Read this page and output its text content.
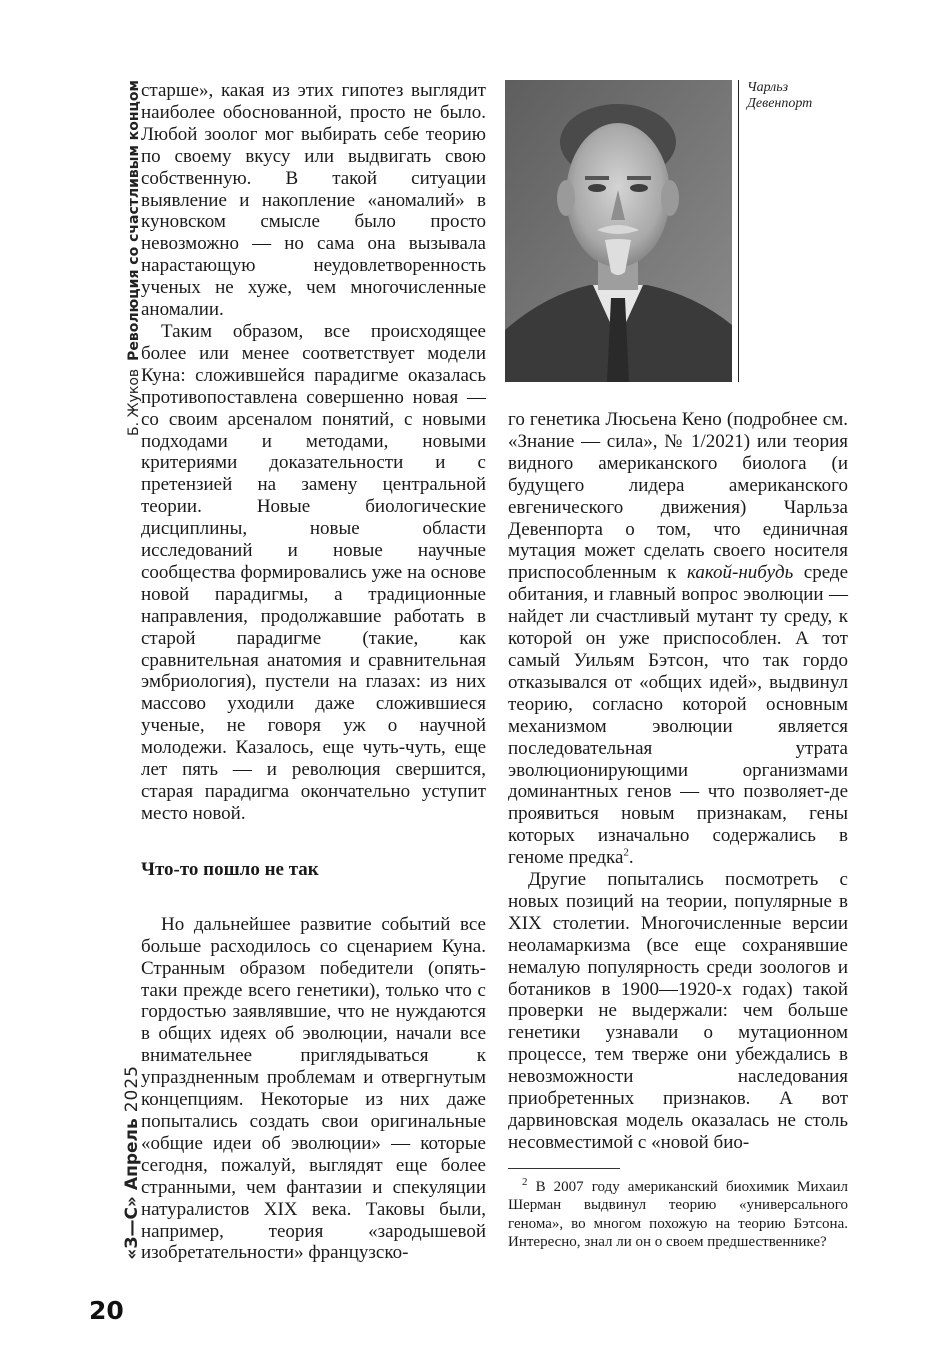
Б. ЖуковРеволюция со счастливым концом
«З—С»Апрель2025
20

старше», какая из этих гипотез выглядит наиболее обоснованной, просто не было. Любой зоолог мог выбирать себе теорию по своему вкусу или выдвигать свою собственную. В такой ситуации выявление и накопление «аномалий» в куновском смысле было просто невозможно — но сама она вызывала нарастающую неудовлетворенность ученых не хуже, чем многочисленные аномалии.

Таким образом, все происходящее более или менее соответствует модели Куна: сложившейся парадигме оказалась противопоставлена совершенно новая — со своим арсеналом понятий, с новыми подходами и методами, новыми критериями доказательности и с претензией на замену центральной теории. Новые биологические дисциплины, новые области исследований и новые научные сообщества формировались уже на основе новой парадигмы, а традиционные направления, продолжавшие работать в старой парадигме (такие, как сравнительная анатомия и сравнительная эмбриология), пустели на глазах: из них массово уходили даже сложившиеся ученые, не говоря уж о научной молодежи. Казалось, еще чуть-чуть, еще лет пять — и революция свершится, старая парадигма окончательно уступит место новой.

Что-то пошло не так

Но дальнейшее развитие событий все больше расходилось со сценарием Куна. Странным образом победители (опять-таки прежде всего генетики), только что с гордостью заявлявшие, что не нуждаются в общих идеях об эволюции, начали все внимательнее приглядываться к упраздненным проблемам и отвергнутым концепциям. Некоторые из них даже попытались создать свои оригинальные «общие идеи об эволюции» — которые сегодня, пожалуй, выглядят еще более странными, чем фантазии и спекуляции натуралистов XIX века. Таковы были, например, теория «зародышевой изобретательности» французско-

Чарльз
Девенпорт

го генетика Люсьена Кено (подробнее см. «Знание — сила», № 1/2021) или теория видного американского биолога (и будущего лидера американского евгенического движения) Чарльза Девенпорта о том, что единичная мутация может сделать своего носителя приспособленным к какой-нибудь среде обитания, и главный вопрос эволюции — найдет ли счастливый мутант ту среду, к которой он уже приспособлен. А тот самый Уильям Бэтсон, что так гордо отказывался от «общих идей», выдвинул теорию, согласно которой основным механизмом эволюции является последовательная утрата эволюционирующими организмами доминантных генов — что позволяет-де проявиться новым признакам, гены которых изначально содержались в геноме предка$^2$.

Другие попытались посмотреть с новых позиций на теории, популярные в XIX столетии. Многочисленные версии неоламаркизма (все еще сохранявшие немалую популярность среди зоологов и ботаников в 1900—1920-х годах) такой проверки не выдержали: чем больше генетики узнавали о мутационном процессе, тем тверже они убеждались в невозможности наследования приобретенных признаков. А вот дарвиновская модель оказалась не столь несовместимой с «новой био-

$^2$ В 2007 году американский биохимик Михаил Шерман выдвинул теорию «универсального генома», во многом похожую на теорию Бэтсона. Интересно, знал ли он о своем предшественнике?
